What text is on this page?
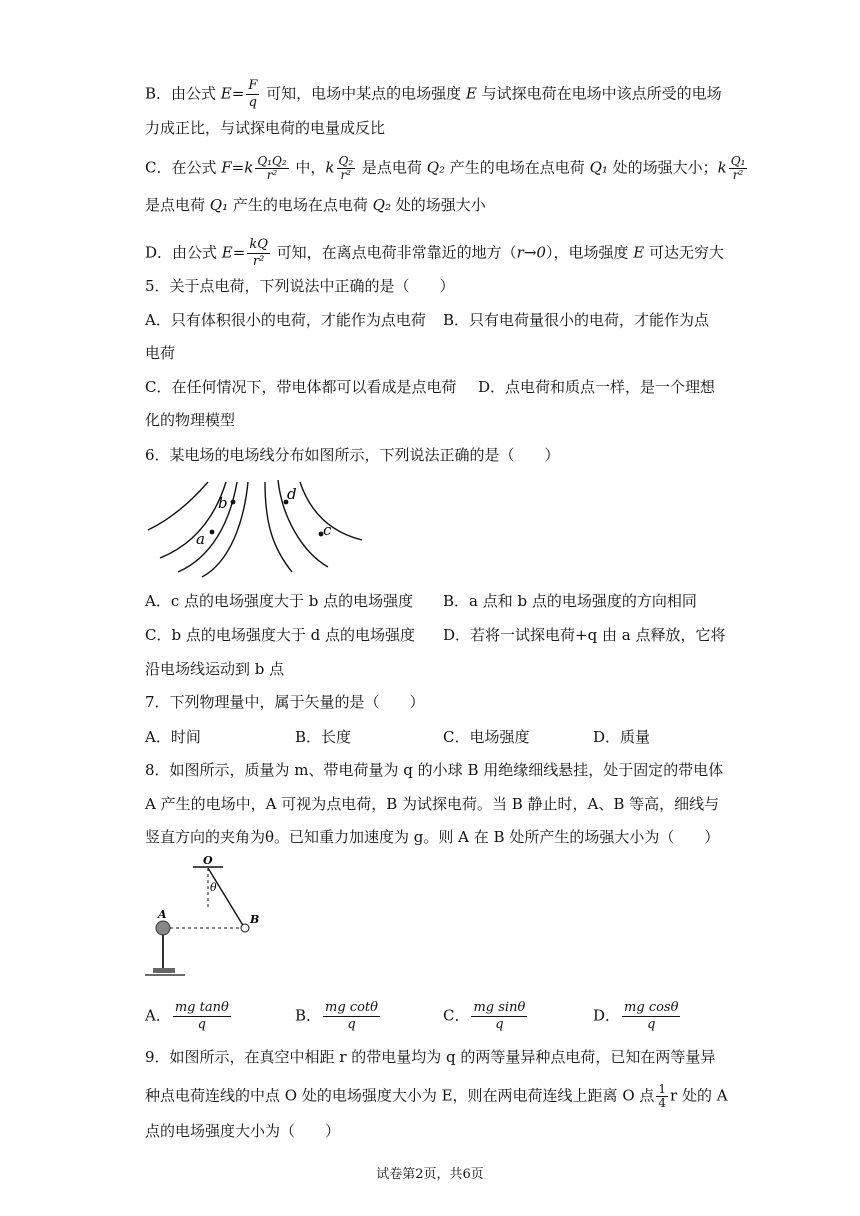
B．由公式 $E= \frac{F}{q}$ 可知，电场中某点的电场强度 E 与试探电荷在电场中该点所受的电场
力成正比，与试探电荷的电量成反比
C．在公式 $F=k \frac{\text{Q₁Q₂}}{\text{r²}}$ 中，k $\frac{\text{Q₂}}{\text{r²}}$ 是点电荷 Q₂ 产生的电场在点电荷 Q₁ 处的场强大小；k $\frac{\text{Q₁}}{\text{r²}}$
是点电荷 Q₁ 产生的电场在点电荷 Q₂ 处的场强大小
D．由公式 $E= \frac{kQ}{\text{r²}}$ 可知，在离点电荷非常靠近的地方（r→0），电场强度 E 可达无穷大
5．关于点电荷，下列说法中正确的是（　　）
A．只有体积很小的电荷，才能作为点电荷 B．只有电荷量很小的电荷，才能作为点
电荷
C．在任何情况下，带电体都可以看成是点电荷 D．点电荷和质点一样，是一个理想
化的物理模型
6．某电场的电场线分布如图所示，下列说法正确的是（　　）
a
b
c
d
A．c 点的电场强度大于 b 点的电场强度 B．a 点和 b 点的电场强度的方向相同
C．b 点的电场强度大于 d 点的电场强度 D．若将一试探电荷+q 由 a 点释放，它将
沿电场线运动到 b 点
7．下列物理量中，属于矢量的是（　　）
A．时间	B．长度	C．电场强度	D．质量
8．如图所示，质量为 m、带电荷量为 q 的小球 B 用绝缘细线悬挂，处于固定的带电体
A 产生的电场中，A 可视为点电荷，B 为试探电荷。当 B 静止时，A、B 等高，细线与
竖直方向的夹角为θ。已知重力加速度为 g。则 A 在 B 处所产生的场强大小为（　　）
O
θ
A	B
A． $\frac{\text{mg tanθ}}{q}$	B． $\frac{\text{mg cotθ}}{q}$	C． $\frac{\text{mg sinθ}}{q}$	D． $\frac{\text{mg cosθ}}{q}$
9．如图所示，在真空中相距 r 的带电量均为 q 的两等量异种点电荷，已知在两等量异
种点电荷连线的中点 O 处的电场强度大小为 E，则在两电荷连线上距离 O 点 $\frac{1}{4}$ r 处的 A
点的电场强度大小为（　　）
试卷第2页，共6页
